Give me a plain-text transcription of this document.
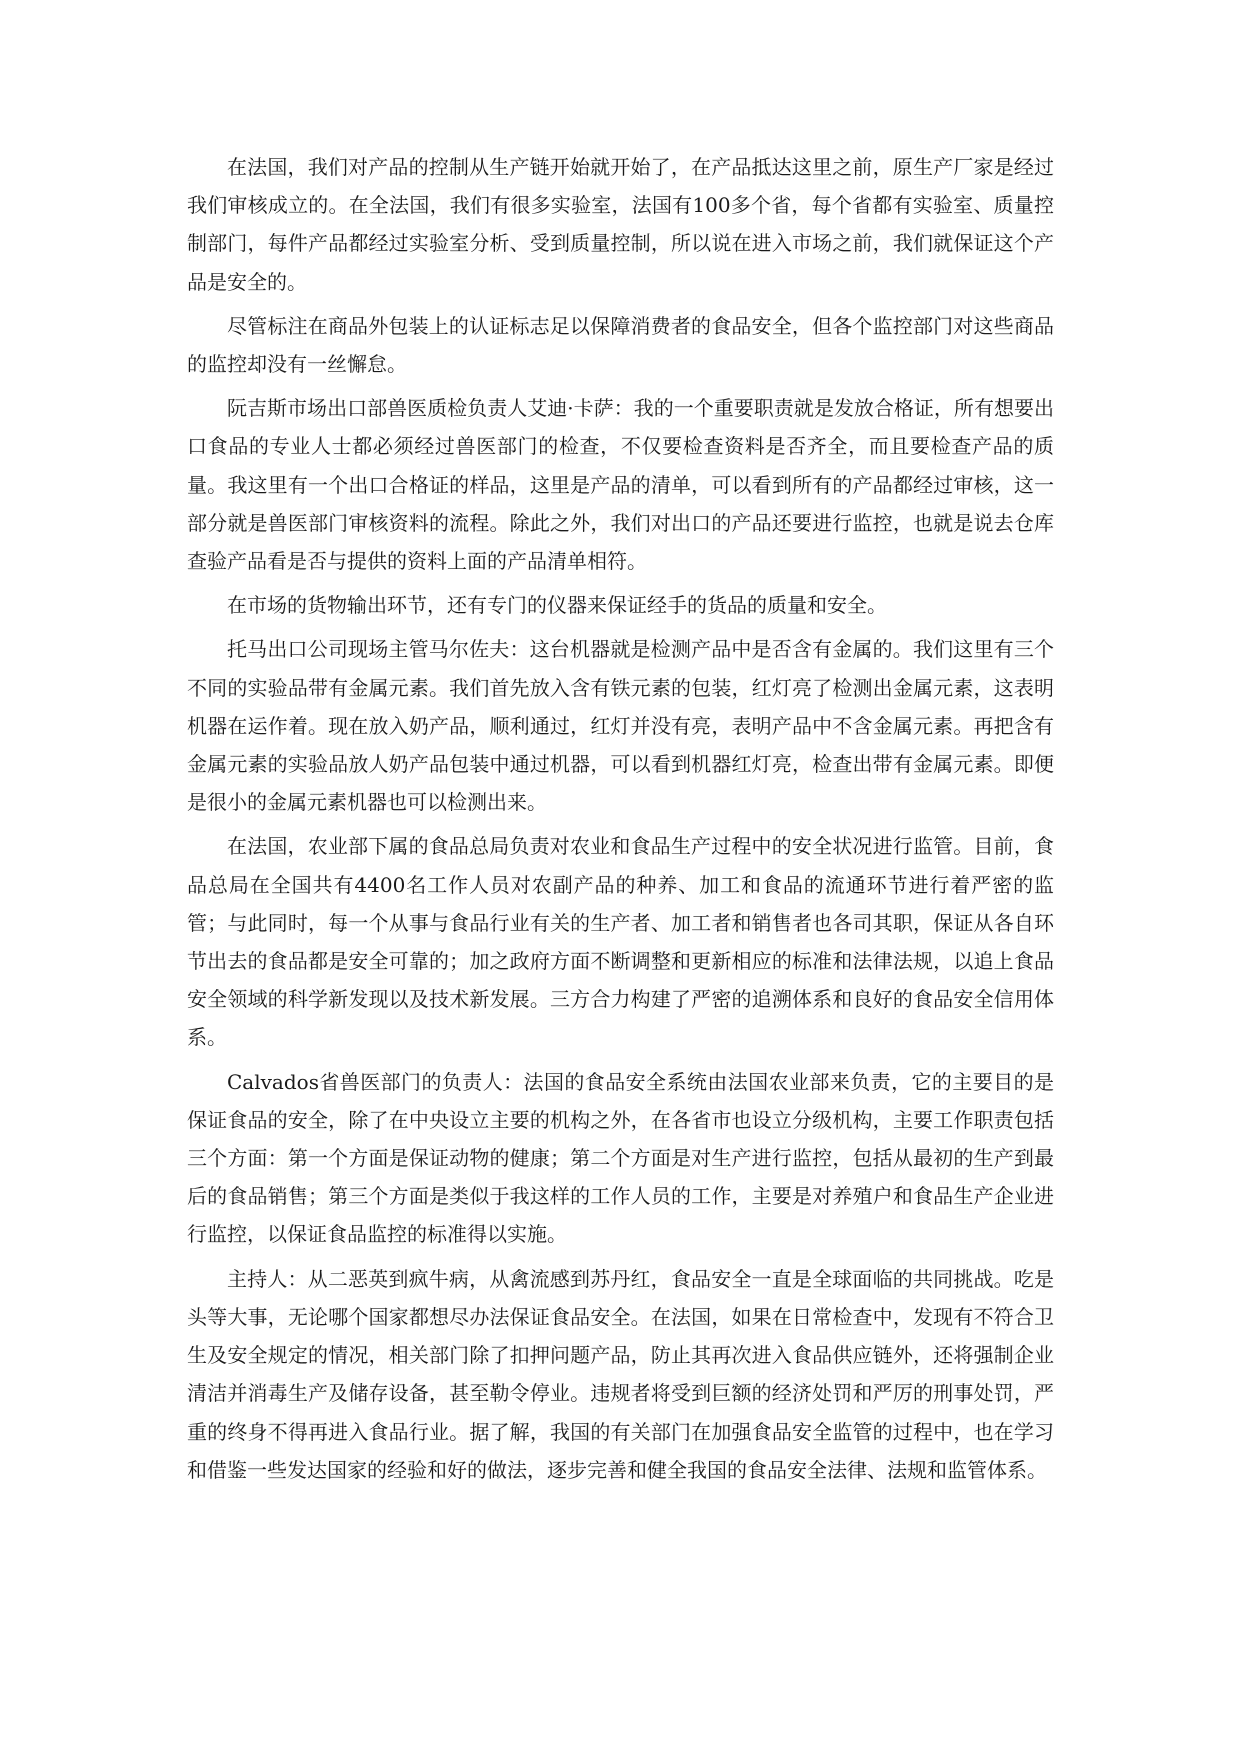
在法国，我们对产品的控制从生产链开始就开始了，在产品抵达这里之前，原生产厂家是经过我们审核成立的。在全法国，我们有很多实验室，法国有100多个省，每个省都有实验室、质量控制部门，每件产品都经过实验室分析、受到质量控制，所以说在进入市场之前，我们就保证这个产品是安全的。

尽管标注在商品外包装上的认证标志足以保障消费者的食品安全，但各个监控部门对这些商品的监控却没有一丝懈怠。

阮吉斯市场出口部兽医质检负责人艾迪·卡萨：我的一个重要职责就是发放合格证，所有想要出口食品的专业人士都必须经过兽医部门的检查，不仅要检查资料是否齐全，而且要检查产品的质量。我这里有一个出口合格证的样品，这里是产品的清单，可以看到所有的产品都经过审核，这一部分就是兽医部门审核资料的流程。除此之外，我们对出口的产品还要进行监控，也就是说去仓库查验产品看是否与提供的资料上面的产品清单相符。

在市场的货物输出环节，还有专门的仪器来保证经手的货品的质量和安全。

托马出口公司现场主管马尔佐夫：这台机器就是检测产品中是否含有金属的。我们这里有三个不同的实验品带有金属元素。我们首先放入含有铁元素的包装，红灯亮了检测出金属元素，这表明机器在运作着。现在放入奶产品，顺利通过，红灯并没有亮，表明产品中不含金属元素。再把含有金属元素的实验品放人奶产品包装中通过机器，可以看到机器红灯亮，检查出带有金属元素。即便是很小的金属元素机器也可以检测出来。

在法国，农业部下属的食品总局负责对农业和食品生产过程中的安全状况进行监管。目前，食品总局在全国共有4400名工作人员对农副产品的种养、加工和食品的流通环节进行着严密的监管；与此同时，每一个从事与食品行业有关的生产者、加工者和销售者也各司其职，保证从各自环节出去的食品都是安全可靠的；加之政府方面不断调整和更新相应的标准和法律法规，以追上食品安全领域的科学新发现以及技术新发展。三方合力构建了严密的追溯体系和良好的食品安全信用体系。

Calvados省兽医部门的负责人：法国的食品安全系统由法国农业部来负责，它的主要目的是保证食品的安全，除了在中央设立主要的机构之外，在各省市也设立分级机构，主要工作职责包括三个方面：第一个方面是保证动物的健康；第二个方面是对生产进行监控，包括从最初的生产到最后的食品销售；第三个方面是类似于我这样的工作人员的工作，主要是对养殖户和食品生产企业进行监控，以保证食品监控的标准得以实施。

主持人：从二恶英到疯牛病，从禽流感到苏丹红，食品安全一直是全球面临的共同挑战。吃是头等大事，无论哪个国家都想尽办法保证食品安全。在法国，如果在日常检查中，发现有不符合卫生及安全规定的情况，相关部门除了扣押问题产品，防止其再次进入食品供应链外，还将强制企业清洁并消毒生产及储存设备，甚至勒令停业。违规者将受到巨额的经济处罚和严厉的刑事处罚，严重的终身不得再进入食品行业。据了解，我国的有关部门在加强食品安全监管的过程中，也在学习和借鉴一些发达国家的经验和好的做法，逐步完善和健全我国的食品安全法律、法规和监管体系。
